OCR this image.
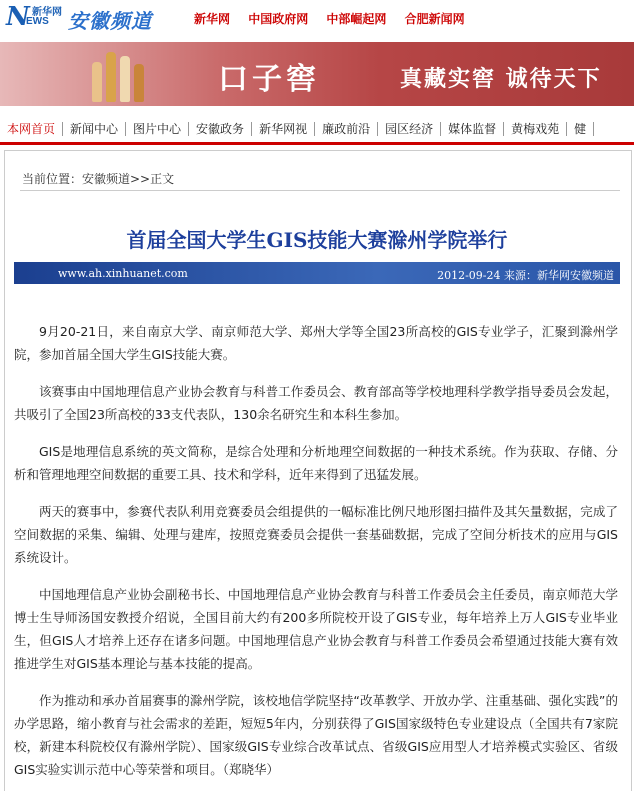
N 新华网
EWS 安徽频道	新华网 中国政府网 中部崛起网 合肥新闻网
口子窖	真藏实窖 诚待天下
本网首页 新闻中心 图片中心 安徽政务 新华网视 廉政前沿 园区经济 媒体监督 黄梅戏苑 健
当前位置：安徽频道>>正文
首届全国大学生GIS技能大赛滁州学院举行
www.ah.xinhuanet.com	2012-09-24 来源：新华网安徽频道

9月20-21日，来自南京大学、南京师范大学、郑州大学等全国23所高校的GIS专业学子，汇聚到滁州学院，参加首届全国大学生GIS技能大赛。

该赛事由中国地理信息产业协会教育与科普工作委员会、教育部高等学校地理科学教学指导委员会发起，共吸引了全国23所高校的33支代表队，130余名研究生和本科生参加。

GIS是地理信息系统的英文简称，是综合处理和分析地理空间数据的一种技术系统。作为获取、存储、分析和管理地理空间数据的重要工具、技术和学科，近年来得到了迅猛发展。

两天的赛事中，参赛代表队利用竞赛委员会组提供的一幅标准比例尺地形图扫描件及其矢量数据，完成了空间数据的采集、编辑、处理与建库，按照竞赛委员会提供一套基础数据，完成了空间分析技术的应用与GIS系统设计。

中国地理信息产业协会副秘书长、中国地理信息产业协会教育与科普工作委员会主任委员，南京师范大学博士生导师汤国安教授介绍说，全国目前大约有200多所院校开设了GIS专业，每年培养上万人GIS专业毕业生，但GIS人才培养上还存在诸多问题。中国地理信息产业协会教育与科普工作委员会希望通过技能大赛有效推进学生对GIS基本理论与基本技能的提高。

作为推动和承办首届赛事的滁州学院，该校地信学院坚持“改革教学、开放办学、注重基础、强化实践”的办学思路，缩小教育与社会需求的差距，短短5年内，分别获得了GIS国家级特色专业建设点（全国共有7家院校，新建本科院校仅有滁州学院）、国家级GIS专业综合改革试点、省级GIS应用型人才培养模式实验区、省级GIS实验实训示范中心等荣誉和项目。（郑晓华）
